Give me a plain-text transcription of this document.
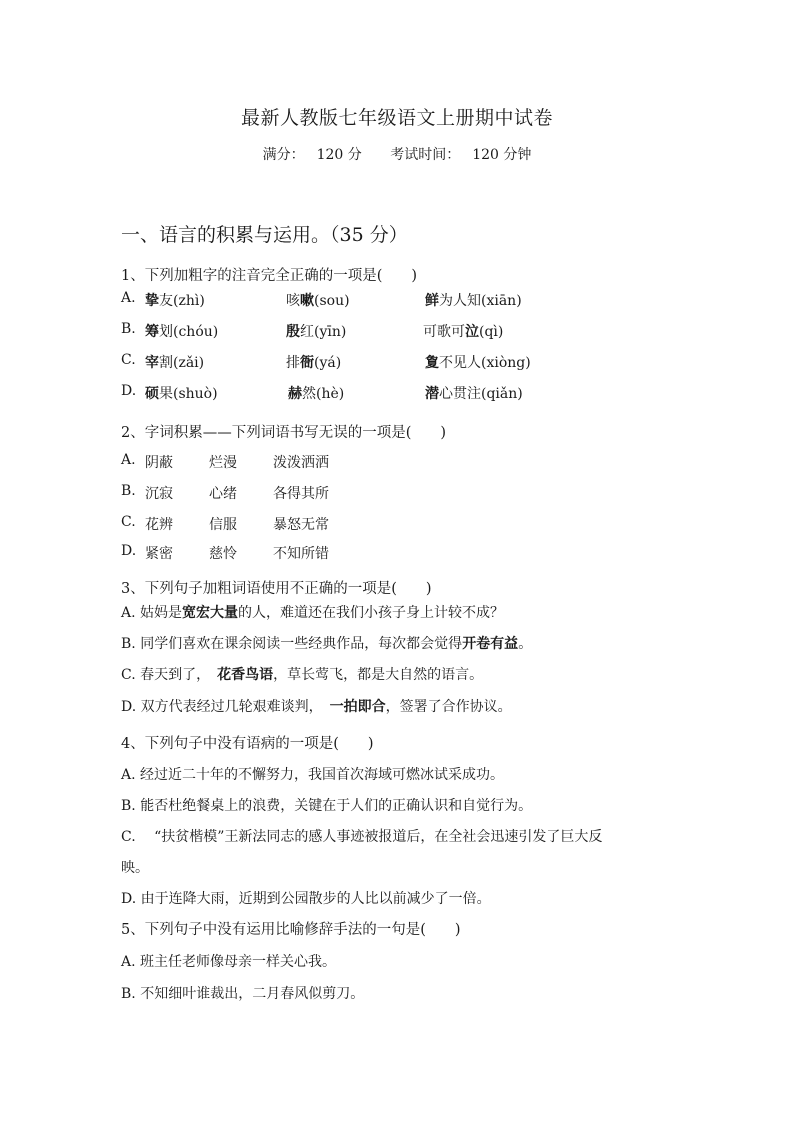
最新人教版七年级语文上册期中试卷
满分： 120 分 考试时间： 120 分钟
一、语言的积累与运用。（35 分）
1、下列加粗字的注音完全正确的一项是(　　)
A. 挚友(zhì)	咳嗽(sou)	鲜为人知(xiān)
B. 筹划(chóu)	殷红(yīn)	可歌可泣(qì)
C. 宰割(zǎi)	排衙(yá)	夐不见人(xiòng)
D. 硕果(shuò)	赫然(hè)	潜心贯注(qiǎn)
2、字词积累——下列词语书写无误的一项是(　　)
A. 阴蔽	烂漫	泼泼洒洒
B. 沉寂	心绪	各得其所
C. 花辨	信服	暴怒无常
D. 紧密	慈怜	不知所错
3、下列句子加粗词语使用不正确的一项是(　　)
A. 姑妈是宽宏大量的人，难道还在我们小孩子身上计较不成？
B. 同学们喜欢在课余阅读一些经典作品，每次都会觉得开卷有益。
C. 春天到了，　花香鸟语，草长莺飞，都是大自然的语言。
D. 双方代表经过几轮艰难谈判，　一拍即合，签署了合作协议。
4、下列句子中没有语病的一项是(　　)
A. 经过近二十年的不懈努力，我国首次海域可燃冰试采成功。
B. 能否杜绝餐桌上的浪费，关键在于人们的正确认识和自觉行为。
C.　 “扶贫楷模”王新法同志的感人事迹被报道后，在全社会迅速引发了巨大反
映。
D. 由于连降大雨，近期到公园散步的人比以前减少了一倍。
5、下列句子中没有运用比喻修辞手法的一句是(　　)
A. 班主任老师像母亲一样关心我。
B. 不知细叶谁裁出，二月春风似剪刀。
